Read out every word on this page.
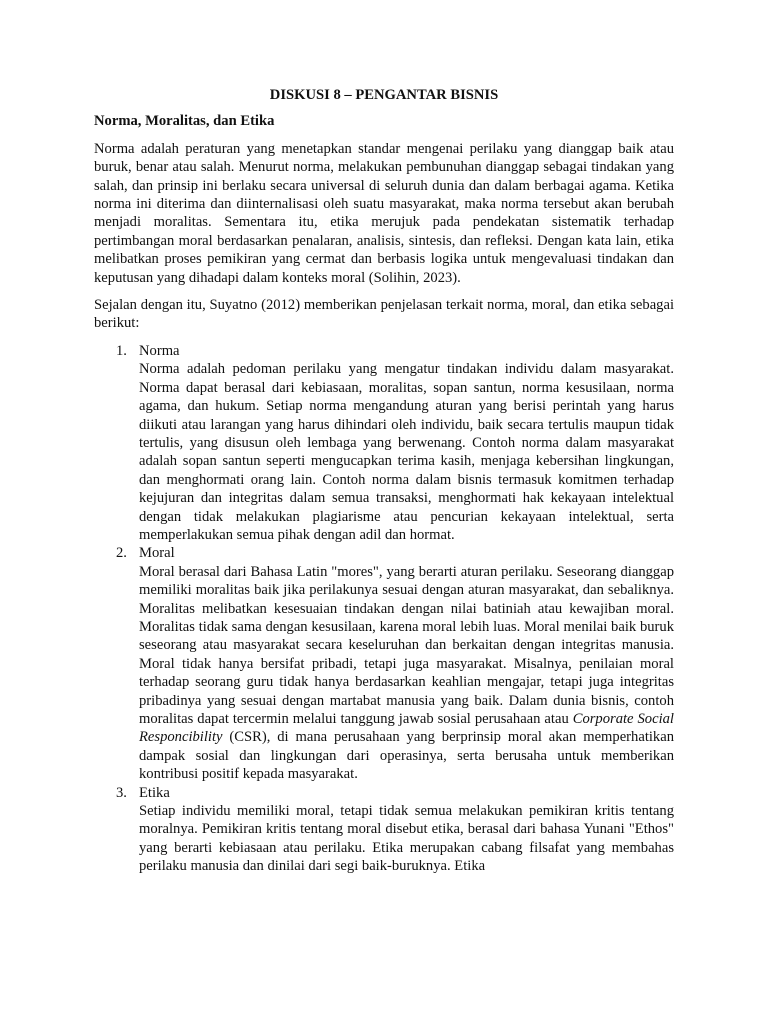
DISKUSI 8 – PENGANTAR BISNIS
Norma, Moralitas, dan Etika
Norma adalah peraturan yang menetapkan standar mengenai perilaku yang dianggap baik atau buruk, benar atau salah. Menurut norma, melakukan pembunuhan dianggap sebagai tindakan yang salah, dan prinsip ini berlaku secara universal di seluruh dunia dan dalam berbagai agama. Ketika norma ini diterima dan diinternalisasi oleh suatu masyarakat, maka norma tersebut akan berubah menjadi moralitas. Sementara itu, etika merujuk pada pendekatan sistematik terhadap pertimbangan moral berdasarkan penalaran, analisis, sintesis, dan refleksi. Dengan kata lain, etika melibatkan proses pemikiran yang cermat dan berbasis logika untuk mengevaluasi tindakan dan keputusan yang dihadapi dalam konteks moral (Solihin, 2023).
Sejalan dengan itu, Suyatno (2012) memberikan penjelasan terkait norma, moral, dan etika sebagai berikut:
1. Norma
Norma adalah pedoman perilaku yang mengatur tindakan individu dalam masyarakat. Norma dapat berasal dari kebiasaan, moralitas, sopan santun, norma kesusilaan, norma agama, dan hukum. Setiap norma mengandung aturan yang berisi perintah yang harus diikuti atau larangan yang harus dihindari oleh individu, baik secara tertulis maupun tidak tertulis, yang disusun oleh lembaga yang berwenang. Contoh norma dalam masyarakat adalah sopan santun seperti mengucapkan terima kasih, menjaga kebersihan lingkungan, dan menghormati orang lain. Contoh norma dalam bisnis termasuk komitmen terhadap kejujuran dan integritas dalam semua transaksi, menghormati hak kekayaan intelektual dengan tidak melakukan plagiarisme atau pencurian kekayaan intelektual, serta memperlakukan semua pihak dengan adil dan hormat.
2. Moral
Moral berasal dari Bahasa Latin "mores", yang berarti aturan perilaku. Seseorang dianggap memiliki moralitas baik jika perilakunya sesuai dengan aturan masyarakat, dan sebaliknya. Moralitas melibatkan kesesuaian tindakan dengan nilai batiniah atau kewajiban moral. Moralitas tidak sama dengan kesusilaan, karena moral lebih luas. Moral menilai baik buruk seseorang atau masyarakat secara keseluruhan dan berkaitan dengan integritas manusia. Moral tidak hanya bersifat pribadi, tetapi juga masyarakat. Misalnya, penilaian moral terhadap seorang guru tidak hanya berdasarkan keahlian mengajar, tetapi juga integritas pribadinya yang sesuai dengan martabat manusia yang baik. Dalam dunia bisnis, contoh moralitas dapat tercermin melalui tanggung jawab sosial perusahaan atau Corporate Social Responcibility (CSR), di mana perusahaan yang berprinsip moral akan memperhatikan dampak sosial dan lingkungan dari operasinya, serta berusaha untuk memberikan kontribusi positif kepada masyarakat.
3. Etika
Setiap individu memiliki moral, tetapi tidak semua melakukan pemikiran kritis tentang moralnya. Pemikiran kritis tentang moral disebut etika, berasal dari bahasa Yunani "Ethos" yang berarti kebiasaan atau perilaku. Etika merupakan cabang filsafat yang membahas perilaku manusia dan dinilai dari segi baik-buruknya. Etika
